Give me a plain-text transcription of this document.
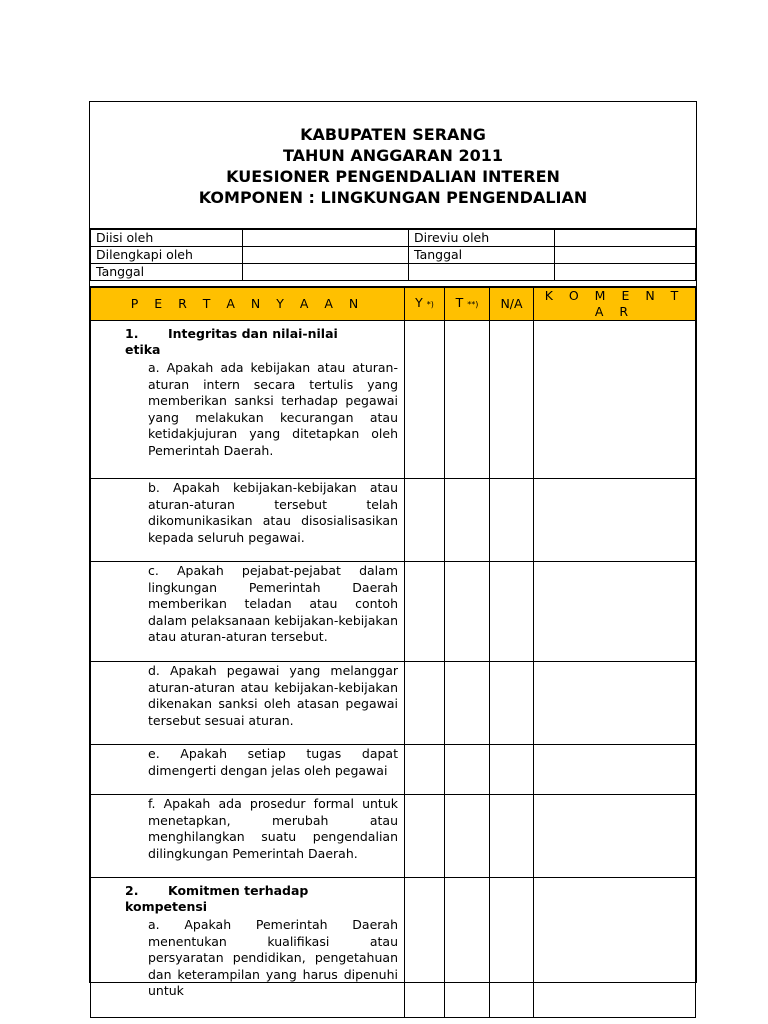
KABUPATEN SERANG
TAHUN ANGGARAN 2011
KUESIONER PENGENDALIAN INTEREN
KOMPONEN : LINGKUNGAN PENGENDALIAN
Diisi oleh		Direviu oleh	
Dilengkapi oleh		Tanggal	
Tanggal			
P E R T A N Y A A N	Y *)	T **)	N/A	K O M E N T A R

1. Integritas dan nilai-nilai
etika
a. Apakah ada kebijakan atau aturan-aturan intern secara tertulis yang memberikan sanksi terhadap pegawai yang melakukan kecurangan atau ketidakjujuran yang ditetapkan oleh Pemerintah Daerah.				

b. Apakah kebijakan-kebijakan atau aturan-aturan tersebut telah dikomunikasikan atau disosialisasikan kepada seluruh pegawai.				

c. Apakah pejabat-pejabat dalam lingkungan Pemerintah Daerah memberikan teladan atau contoh dalam pelaksanaan kebijakan-kebijakan atau aturan-aturan tersebut.				

d. Apakah pegawai yang melanggar aturan-aturan atau kebijakan-kebijakan dikenakan sanksi oleh atasan pegawai tersebut sesuai aturan.				

e. Apakah setiap tugas dapat dimengerti dengan jelas oleh pegawai				

f. Apakah ada prosedur formal untuk menetapkan, merubah atau menghilangkan suatu pengendalian dilingkungan Pemerintah Daerah.				

2. Komitmen terhadap
kompetensi
a. Apakah Pemerintah Daerah menentukan kualifikasi atau persyaratan pendidikan, pengetahuan dan keterampilan yang harus dipenuhi untuk				
